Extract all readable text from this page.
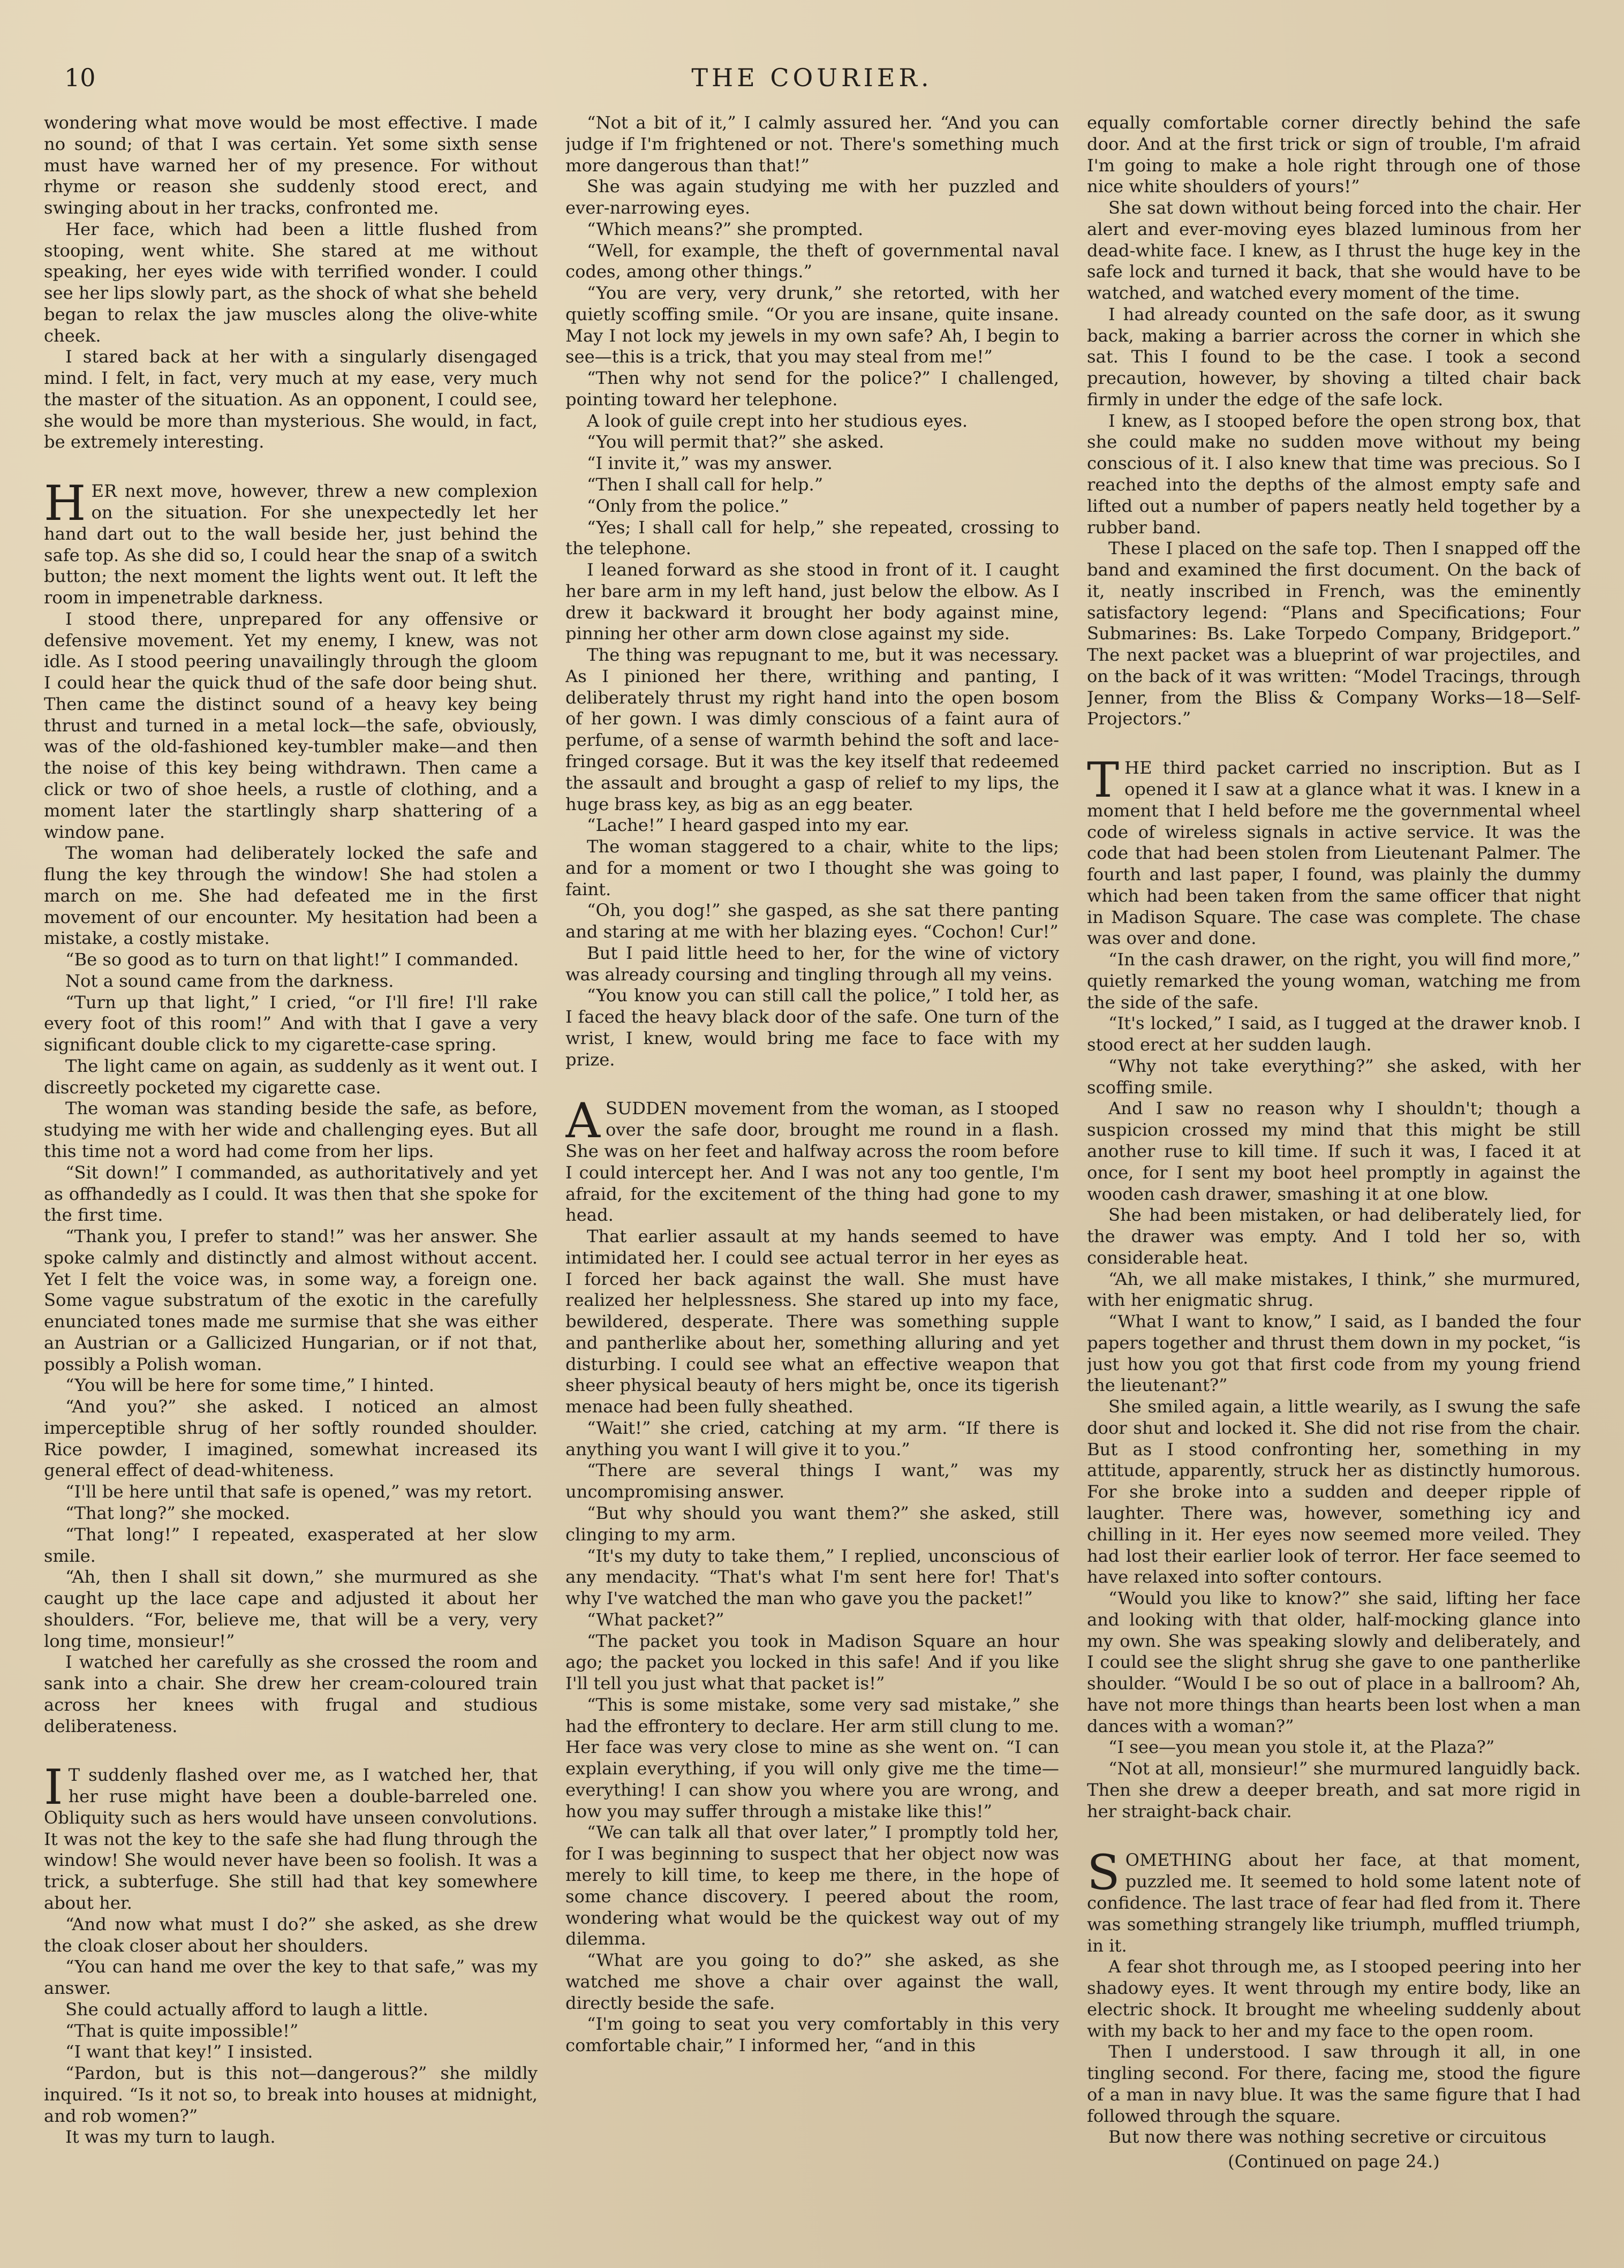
10	THE COURIER.

wondering what move would be most effective. I made no sound; of that I was certain. Yet some sixth sense must have warned her of my presence. For without rhyme or reason she suddenly stood erect, and swinging about in her tracks, confronted me.

Her face, which had been a little flushed from stooping, went white. She stared at me without speaking, her eyes wide with terrified wonder. I could see her lips slowly part, as the shock of what she beheld began to relax the jaw muscles along the olive-white cheek.

I stared back at her with a singularly disengaged mind. I felt, in fact, very much at my ease, very much the master of the situation. As an opponent, I could see, she would be more than mysterious. She would, in fact, be extremely interesting.

HER next move, however, threw a new complexion on the situation. For she unexpectedly let her hand dart out to the wall beside her, just behind the safe top. As she did so, I could hear the snap of a switch button; the next moment the lights went out. It left the room in impenetrable darkness.

I stood there, unprepared for any offensive or defensive movement. Yet my enemy, I knew, was not idle. As I stood peering unavailingly through the gloom I could hear the quick thud of the safe door being shut. Then came the distinct sound of a heavy key being thrust and turned in a metal lock—the safe, obviously, was of the old-fashioned key-tumbler make—and then the noise of this key being withdrawn. Then came a click or two of shoe heels, a rustle of clothing, and a moment later the startlingly sharp shattering of a window pane.

The woman had deliberately locked the safe and flung the key through the window! She had stolen a march on me. She had defeated me in the first movement of our encounter. My hesitation had been a mistake, a costly mistake.

“Be so good as to turn on that light!” I commanded.

Not a sound came from the darkness.

“Turn up that light,” I cried, “or I'll fire! I'll rake every foot of this room!” And with that I gave a very significant double click to my cigarette-case spring.

The light came on again, as suddenly as it went out. I discreetly pocketed my cigarette case.

The woman was standing beside the safe, as before, studying me with her wide and challenging eyes. But all this time not a word had come from her lips.

“Sit down!” I commanded, as authoritatively and yet as offhandedly as I could. It was then that she spoke for the first time.

“Thank you, I prefer to stand!” was her answer. She spoke calmly and distinctly and almost without accent. Yet I felt the voice was, in some way, a foreign one. Some vague substratum of the exotic in the carefully enunciated tones made me surmise that she was either an Austrian or a Gallicized Hungarian, or if not that, possibly a Polish woman.

“You will be here for some time,” I hinted.

“And you?” she asked. I noticed an almost imperceptible shrug of her softly rounded shoulder. Rice powder, I imagined, somewhat increased its general effect of dead-whiteness.

“I'll be here until that safe is opened,” was my retort.

“That long?” she mocked.

“That long!” I repeated, exasperated at her slow smile.

“Ah, then I shall sit down,” she murmured as she caught up the lace cape and adjusted it about her shoulders. “For, believe me, that will be a very, very long time, monsieur!”

I watched her carefully as she crossed the room and sank into a chair. She drew her cream-coloured train across her knees with frugal and studious deliberateness.

I T suddenly flashed over me, as I watched her, that her ruse might have been a double-barreled one. Obliquity such as hers would have unseen convolutions. It was not the key to the safe she had flung through the window! She would never have been so foolish. It was a trick, a subterfuge. She still had that key somewhere about her.

“And now what must I do?” she asked, as she drew the cloak closer about her shoulders.

“You can hand me over the key to that safe,” was my answer.

She could actually afford to laugh a little.

“That is quite impossible!”

“I want that key!” I insisted.

“Pardon, but is this not—dangerous?” she mildly inquired. “Is it not so, to break into houses at midnight, and rob women?”

It was my turn to laugh.

“Not a bit of it,” I calmly assured her. “And you can judge if I'm frightened or not. There's something much more dangerous than that!”

She was again studying me with her puzzled and ever-narrowing eyes.

“Which means?” she prompted.

“Well, for example, the theft of governmental naval codes, among other things.”

“You are very, very drunk,” she retorted, with her quietly scoffing smile. “Or you are insane, quite insane. May I not lock my jewels in my own safe? Ah, I begin to see—this is a trick, that you may steal from me!”

“Then why not send for the police?” I challenged, pointing toward her telephone.

A look of guile crept into her studious eyes.

“You will permit that?” she asked.

“I invite it,” was my answer.

“Then I shall call for help.”

“Only from the police.”

“Yes; I shall call for help,” she repeated, crossing to the telephone.

I leaned forward as she stood in front of it. I caught her bare arm in my left hand, just below the elbow. As I drew it backward it brought her body against mine, pinning her other arm down close against my side.

The thing was repugnant to me, but it was necessary. As I pinioned her there, writhing and panting, I deliberately thrust my right hand into the open bosom of her gown. I was dimly conscious of a faint aura of perfume, of a sense of warmth behind the soft and lace-fringed corsage. But it was the key itself that redeemed the assault and brought a gasp of relief to my lips, the huge brass key, as big as an egg beater.

“Lache!” I heard gasped into my ear.

The woman staggered to a chair, white to the lips; and for a moment or two I thought she was going to faint.

“Oh, you dog!” she gasped, as she sat there panting and staring at me with her blazing eyes. “Cochon! Cur!”

But I paid little heed to her, for the wine of victory was already coursing and tingling through all my veins.

“You know you can still call the police,” I told her, as I faced the heavy black door of the safe. One turn of the wrist, I knew, would bring me face to face with my prize.

A SUDDEN movement from the woman, as I stooped over the safe door, brought me round in a flash. She was on her feet and halfway across the room before I could intercept her. And I was not any too gentle, I'm afraid, for the excitement of the thing had gone to my head.

That earlier assault at my hands seemed to have intimidated her. I could see actual terror in her eyes as I forced her back against the wall. She must have realized her helplessness. She stared up into my face, bewildered, desperate. There was something supple and pantherlike about her, something alluring and yet disturbing. I could see what an effective weapon that sheer physical beauty of hers might be, once its tigerish menace had been fully sheathed.

“Wait!” she cried, catching at my arm. “If there is anything you want I will give it to you.”

“There are several things I want,” was my uncompromising answer.

“But why should you want them?” she asked, still clinging to my arm.

“It's my duty to take them,” I replied, unconscious of any mendacity. “That's what I'm sent here for! That's why I've watched the man who gave you the packet!”

“What packet?”

“The packet you took in Madison Square an hour ago; the packet you locked in this safe! And if you like I'll tell you just what that packet is!”

“This is some mistake, some very sad mistake,” she had the effrontery to declare. Her arm still clung to me. Her face was very close to mine as she went on. “I can explain everything, if you will only give me the time—everything! I can show you where you are wrong, and how you may suffer through a mistake like this!”

“We can talk all that over later,” I promptly told her, for I was beginning to suspect that her object now was merely to kill time, to keep me there, in the hope of some chance discovery. I peered about the room, wondering what would be the quickest way out of my dilemma.

“What are you going to do?” she asked, as she watched me shove a chair over against the wall, directly beside the safe.

“I'm going to seat you very comfortably in this very comfortable chair,” I informed her, “and in this

equally comfortable corner directly behind the safe door. And at the first trick or sign of trouble, I'm afraid I'm going to make a hole right through one of those nice white shoulders of yours!”

She sat down without being forced into the chair. Her alert and ever-moving eyes blazed luminous from her dead-white face. I knew, as I thrust the huge key in the safe lock and turned it back, that she would have to be watched, and watched every moment of the time.

I had already counted on the safe door, as it swung back, making a barrier across the corner in which she sat. This I found to be the case. I took a second precaution, however, by shoving a tilted chair back firmly in under the edge of the safe lock.

I knew, as I stooped before the open strong box, that she could make no sudden move without my being conscious of it. I also knew that time was precious. So I reached into the depths of the almost empty safe and lifted out a number of papers neatly held together by a rubber band.

These I placed on the safe top. Then I snapped off the band and examined the first document. On the back of it, neatly inscribed in French, was the eminently satisfactory legend: “Plans and Specifications; Four Submarines: Bs. Lake Torpedo Company, Bridgeport.” The next packet was a blueprint of war projectiles, and on the back of it was written: “Model Tracings, through Jenner, from the Bliss & Company Works—18—Self-Projectors.”

THE third packet carried no inscription. But as I opened it I saw at a glance what it was. I knew in a moment that I held before me the governmental wheel code of wireless signals in active service. It was the code that had been stolen from Lieutenant Palmer. The fourth and last paper, I found, was plainly the dummy which had been taken from the same officer that night in Madison Square. The case was complete. The chase was over and done.

“In the cash drawer, on the right, you will find more,” quietly remarked the young woman, watching me from the side of the safe.

“It's locked,” I said, as I tugged at the drawer knob. I stood erect at her sudden laugh.

“Why not take everything?” she asked, with her scoffing smile.

And I saw no reason why I shouldn't; though a suspicion crossed my mind that this might be still another ruse to kill time. If such it was, I faced it at once, for I sent my boot heel promptly in against the wooden cash drawer, smashing it at one blow.

She had been mistaken, or had deliberately lied, for the drawer was empty. And I told her so, with considerable heat.

“Ah, we all make mistakes, I think,” she murmured, with her enigmatic shrug.

“What I want to know,” I said, as I banded the four papers together and thrust them down in my pocket, “is just how you got that first code from my young friend the lieutenant?”

She smiled again, a little wearily, as I swung the safe door shut and locked it. She did not rise from the chair. But as I stood confronting her, something in my attitude, apparently, struck her as distinctly humorous. For she broke into a sudden and deeper ripple of laughter. There was, however, something icy and chilling in it. Her eyes now seemed more veiled. They had lost their earlier look of terror. Her face seemed to have relaxed into softer contours.

“Would you like to know?” she said, lifting her face and looking with that older, half-mocking glance into my own. She was speaking slowly and deliberately, and I could see the slight shrug she gave to one pantherlike shoulder. “Would I be so out of place in a ballroom? Ah, have not more things than hearts been lost when a man dances with a woman?”

“I see—you mean you stole it, at the Plaza?”

“Not at all, monsieur!” she murmured languidly back. Then she drew a deeper breath, and sat more rigid in her straight-back chair.

SOMETHING about her face, at that moment, puzzled me. It seemed to hold some latent note of confidence. The last trace of fear had fled from it. There was something strangely like triumph, muffled triumph, in it.

A fear shot through me, as I stooped peering into her shadowy eyes. It went through my entire body, like an electric shock. It brought me wheeling suddenly about with my back to her and my face to the open room.

Then I understood. I saw through it all, in one tingling second. For there, facing me, stood the figure of a man in navy blue. It was the same figure that I had followed through the square.

But now there was nothing secretive or circuitous

(Continued on page 24.)
